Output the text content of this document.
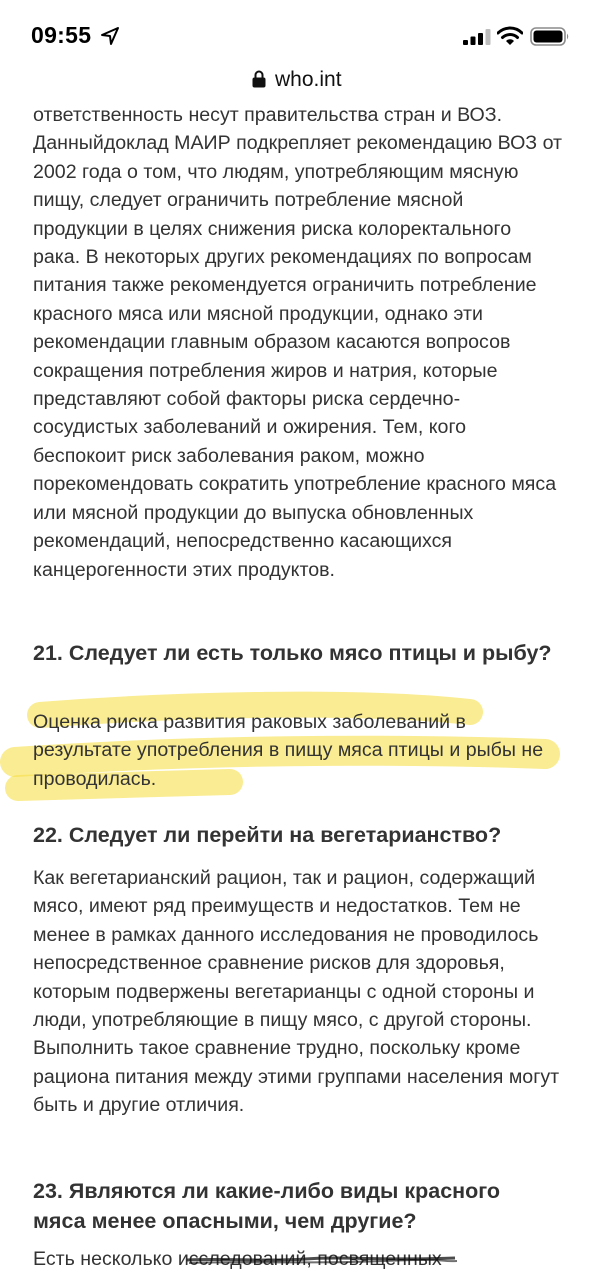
09:55
who.int

ответственность несут правительства стран и ВОЗ. Данныйдоклад МАИР подкрепляет рекомендацию ВОЗ от 2002 года о том, что людям, употребляющим мясную пищу, следует ограничить потребление мясной продукции в целях снижения риска колоректального рака. В некоторых других рекомендациях по вопросам питания также рекомендуется ограничить потребление красного мяса или мясной продукции, однако эти рекомендации главным образом касаются вопросов сокращения потребления жиров и натрия, которые представляют собой факторы риска сердечно-сосудистых заболеваний и ожирения. Тем, кого беспокоит риск заболевания раком, можно порекомендовать сократить употребление красного мяса или мясной продукции до выпуска обновленных рекомендаций, непосредственно касающихся канцерогенности этих продуктов.

21. Следует ли есть только мясо птицы и рыбу?

Оценка риска развития раковых заболеваний в результате употребления в пищу мяса птицы и рыбы не проводилась.

22. Следует ли перейти на вегетарианство?

Как вегетарианский рацион, так и рацион, содержащий мясо, имеют ряд преимуществ и недостатков. Тем не менее в рамках данного исследования не проводилось непосредственное сравнение рисков для здоровья, которым подвержены вегетарианцы с одной стороны и люди, употребляющие в пищу мясо, с другой стороны. Выполнить такое сравнение трудно, поскольку кроме рациона питания между этими группами населения могут быть и другие отличия.

23. Являются ли какие-либо виды красного мяса менее опасными, чем другие?

Есть несколько исследований, посвященных
